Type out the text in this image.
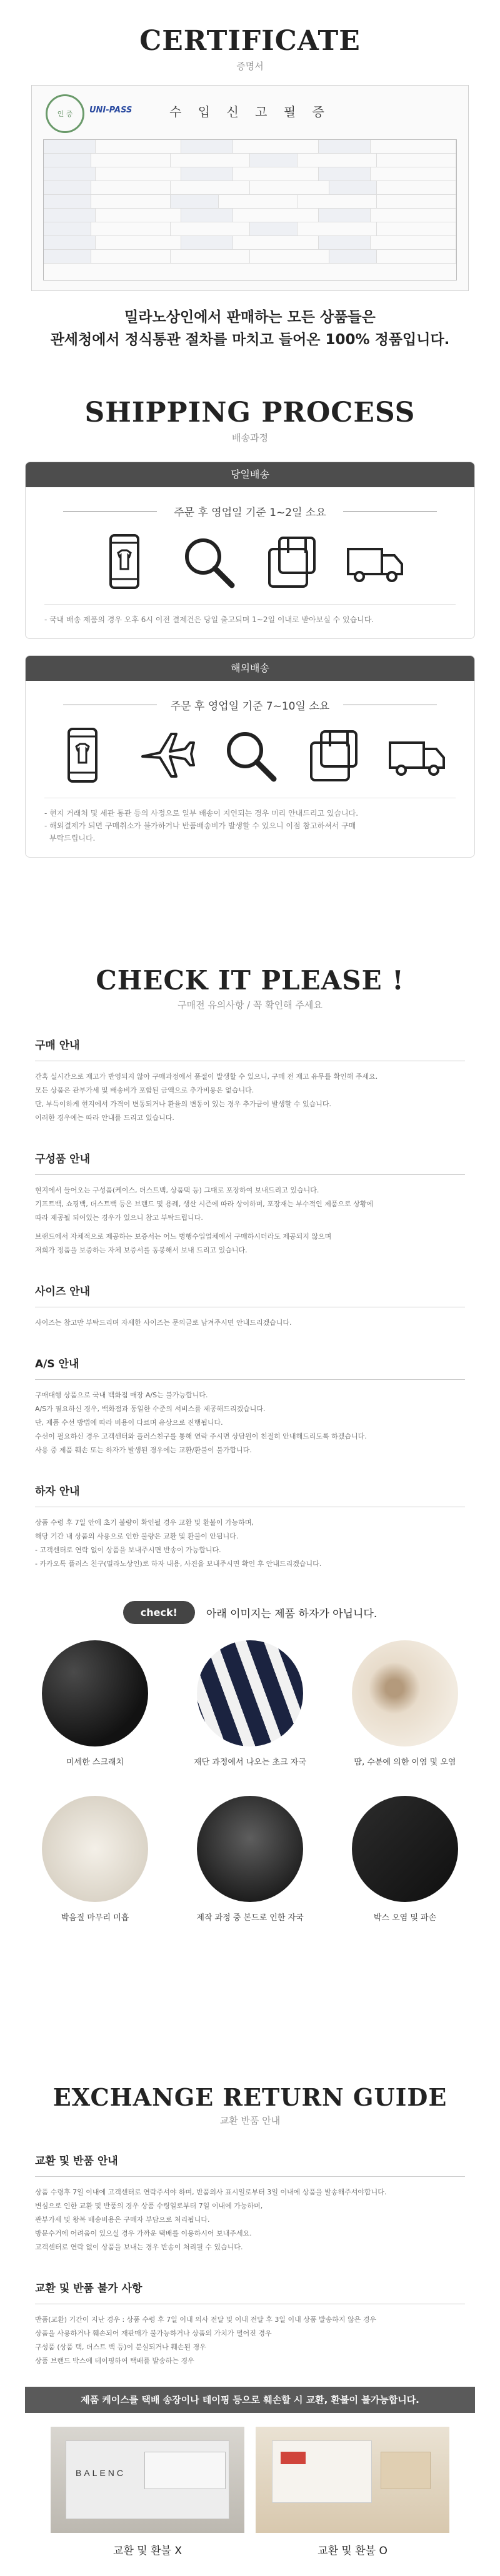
CERTIFICATE
증명서
인 증	UNI-PASS	수 입 신 고 필 증
밀라노상인에서 판매하는 모든 상품들은
관세청에서 정식통관 절차를 마치고 들어온 100% 정품입니다.
SHIPPING PROCESS
배송과정
당일배송
주문 후 영업일 기준 1~2일 소요
- 국내 배송 제품의 경우 오후 6시 이전 결제건은 당일 출고되며 1~2일 이내로 받아보실 수 있습니다.
해외배송
주문 후 영업일 기준 7~10일 소요
- 현지 거래처 및 세관 통관 등의 사정으로 일부 배송이 지연되는 경우 미리 안내드리고 있습니다.
- 해외결제가 되면 구매취소가 불가하거나 반품배송비가 발생할 수 있으니 이점 참고하셔서 구매
부탁드립니다.
CHECK IT PLEASE !
구매전 유의사항 / 꼭 확인해 주세요
구매 안내

간혹 실시간으로 재고가 반영되지 않아 구매과정에서 품절이 발생할 수 있으니, 구매 전 재고 유무를 확인해 주세요.
모든 상품은 관부가세 및 배송비가 포함된 금액으로 추가비용은 없습니다.
단, 부득이하게 현지에서 가격이 변동되거나 환율의 변동이 있는 경우 추가금이 발생할 수 있습니다.
이러한 경우에는 따라 안내를 드리고 있습니다.

구성품 안내

현지에서 들어오는 구성품(케이스, 더스트백, 상품택 등) 그대로 포장하여 보내드리고 있습니다.
기프트백, 쇼핑백, 더스트백 등은 브랜드 및 용례, 생산 시즌에 따라 상이하며, 포장재는 부수적인 제품으로 상황에
따라 제공될 되어있는 경우가 있으니 참고 부탁드립니다.

브랜드에서 자체적으로 제공하는 보증서는 어느 병행수입업체에서 구매하시더라도 제공되지 않으며
저희가 정품을 보증하는 자체 보증서를 동봉해서 보내 드리고 있습니다.

사이즈 안내

사이즈는 참고만 부탁드리며 자세한 사이즈는 문의글로 남겨주시면 안내드리겠습니다.

A/S 안내

구매대행 상품으로 국내 백화점 매장 A/S는 불가능합니다.
A/S가 필요하신 경우, 백화점과 동일한 수준의 서비스를 제공해드리겠습니다.
단, 제품 수선 방법에 따라 비용이 다르며 유상으로 진행됩니다.
수선이 필요하신 경우 고객센터와 플러스친구를 통해 연락 주시면 상담원이 친절히 안내해드리도록 하겠습니다.
사용 중 제품 훼손 또는 하자가 발생된 경우에는 교환/환불이 불가합니다.

하자 안내

상품 수령 후 7일 안에 초기 불량이 확인될 경우 교환 및 환불이 가능하며,
해당 기간 내 상품의 사용으로 인한 불량은 교환 및 환불이 안됩니다.
- 고객센터로 연락 없이 상품을 보내주시면 반송이 가능합니다.
- 카카오톡 플러스 친구(밀라노상인)로 하자 내용, 사진을 보내주시면 확인 후 안내드리겠습니다.

check!	아래 이미지는 제품 하자가 아닙니다.
미세한 스크래치	재단 과정에서 나오는 초크 자국	땀, 수분에 의한 이염 및 오염
박음질 마무리 미흡	제작 과정 중 본드로 인한 자국	박스 오염 및 파손
EXCHANGE RETURN GUIDE
교환 반품 안내
교환 및 반품 안내

상품 수령후 7일 이내에 고객센터로 연락주셔야 하며, 반품의사 표시일로부터 3일 이내에 상품을 발송해주셔야합니다.
변심으로 인한 교환 및 반품의 경우 상품 수령일로부터 7일 이내에 가능하며,
관부가세 및 왕복 배송비용은 구매자 부담으로 처리됩니다.
방문수거에 어려움이 있으실 경우 가까운 택배를 이용하시어 보내주세요.
고객센터로 연락 없이 상품을 보내는 경우 반송이 처리될 수 있습니다.

교환 및 반품 불가 사항

반품(교환) 기간이 지난 경우 : 상품 수령 후 7일 이내 의사 전달 및 이내 전달 후 3일 이내 상품 발송하지 않은 경우
상품을 사용하거나 훼손되어 재판매가 불가능하거나 상품의 가치가 떨어진 경우
구성품 (상품 택, 더스트 백 등)이 분실되거나 훼손된 경우
상품 브랜드 박스에 테이핑하여 택배를 발송하는 경우

제품 케이스를 택배 송장이나 테이핑 등으로 훼손할 시 교환, 환불이 불가능합니다.
BALENC
교환 및 환불 X	교환 및 환불 O
